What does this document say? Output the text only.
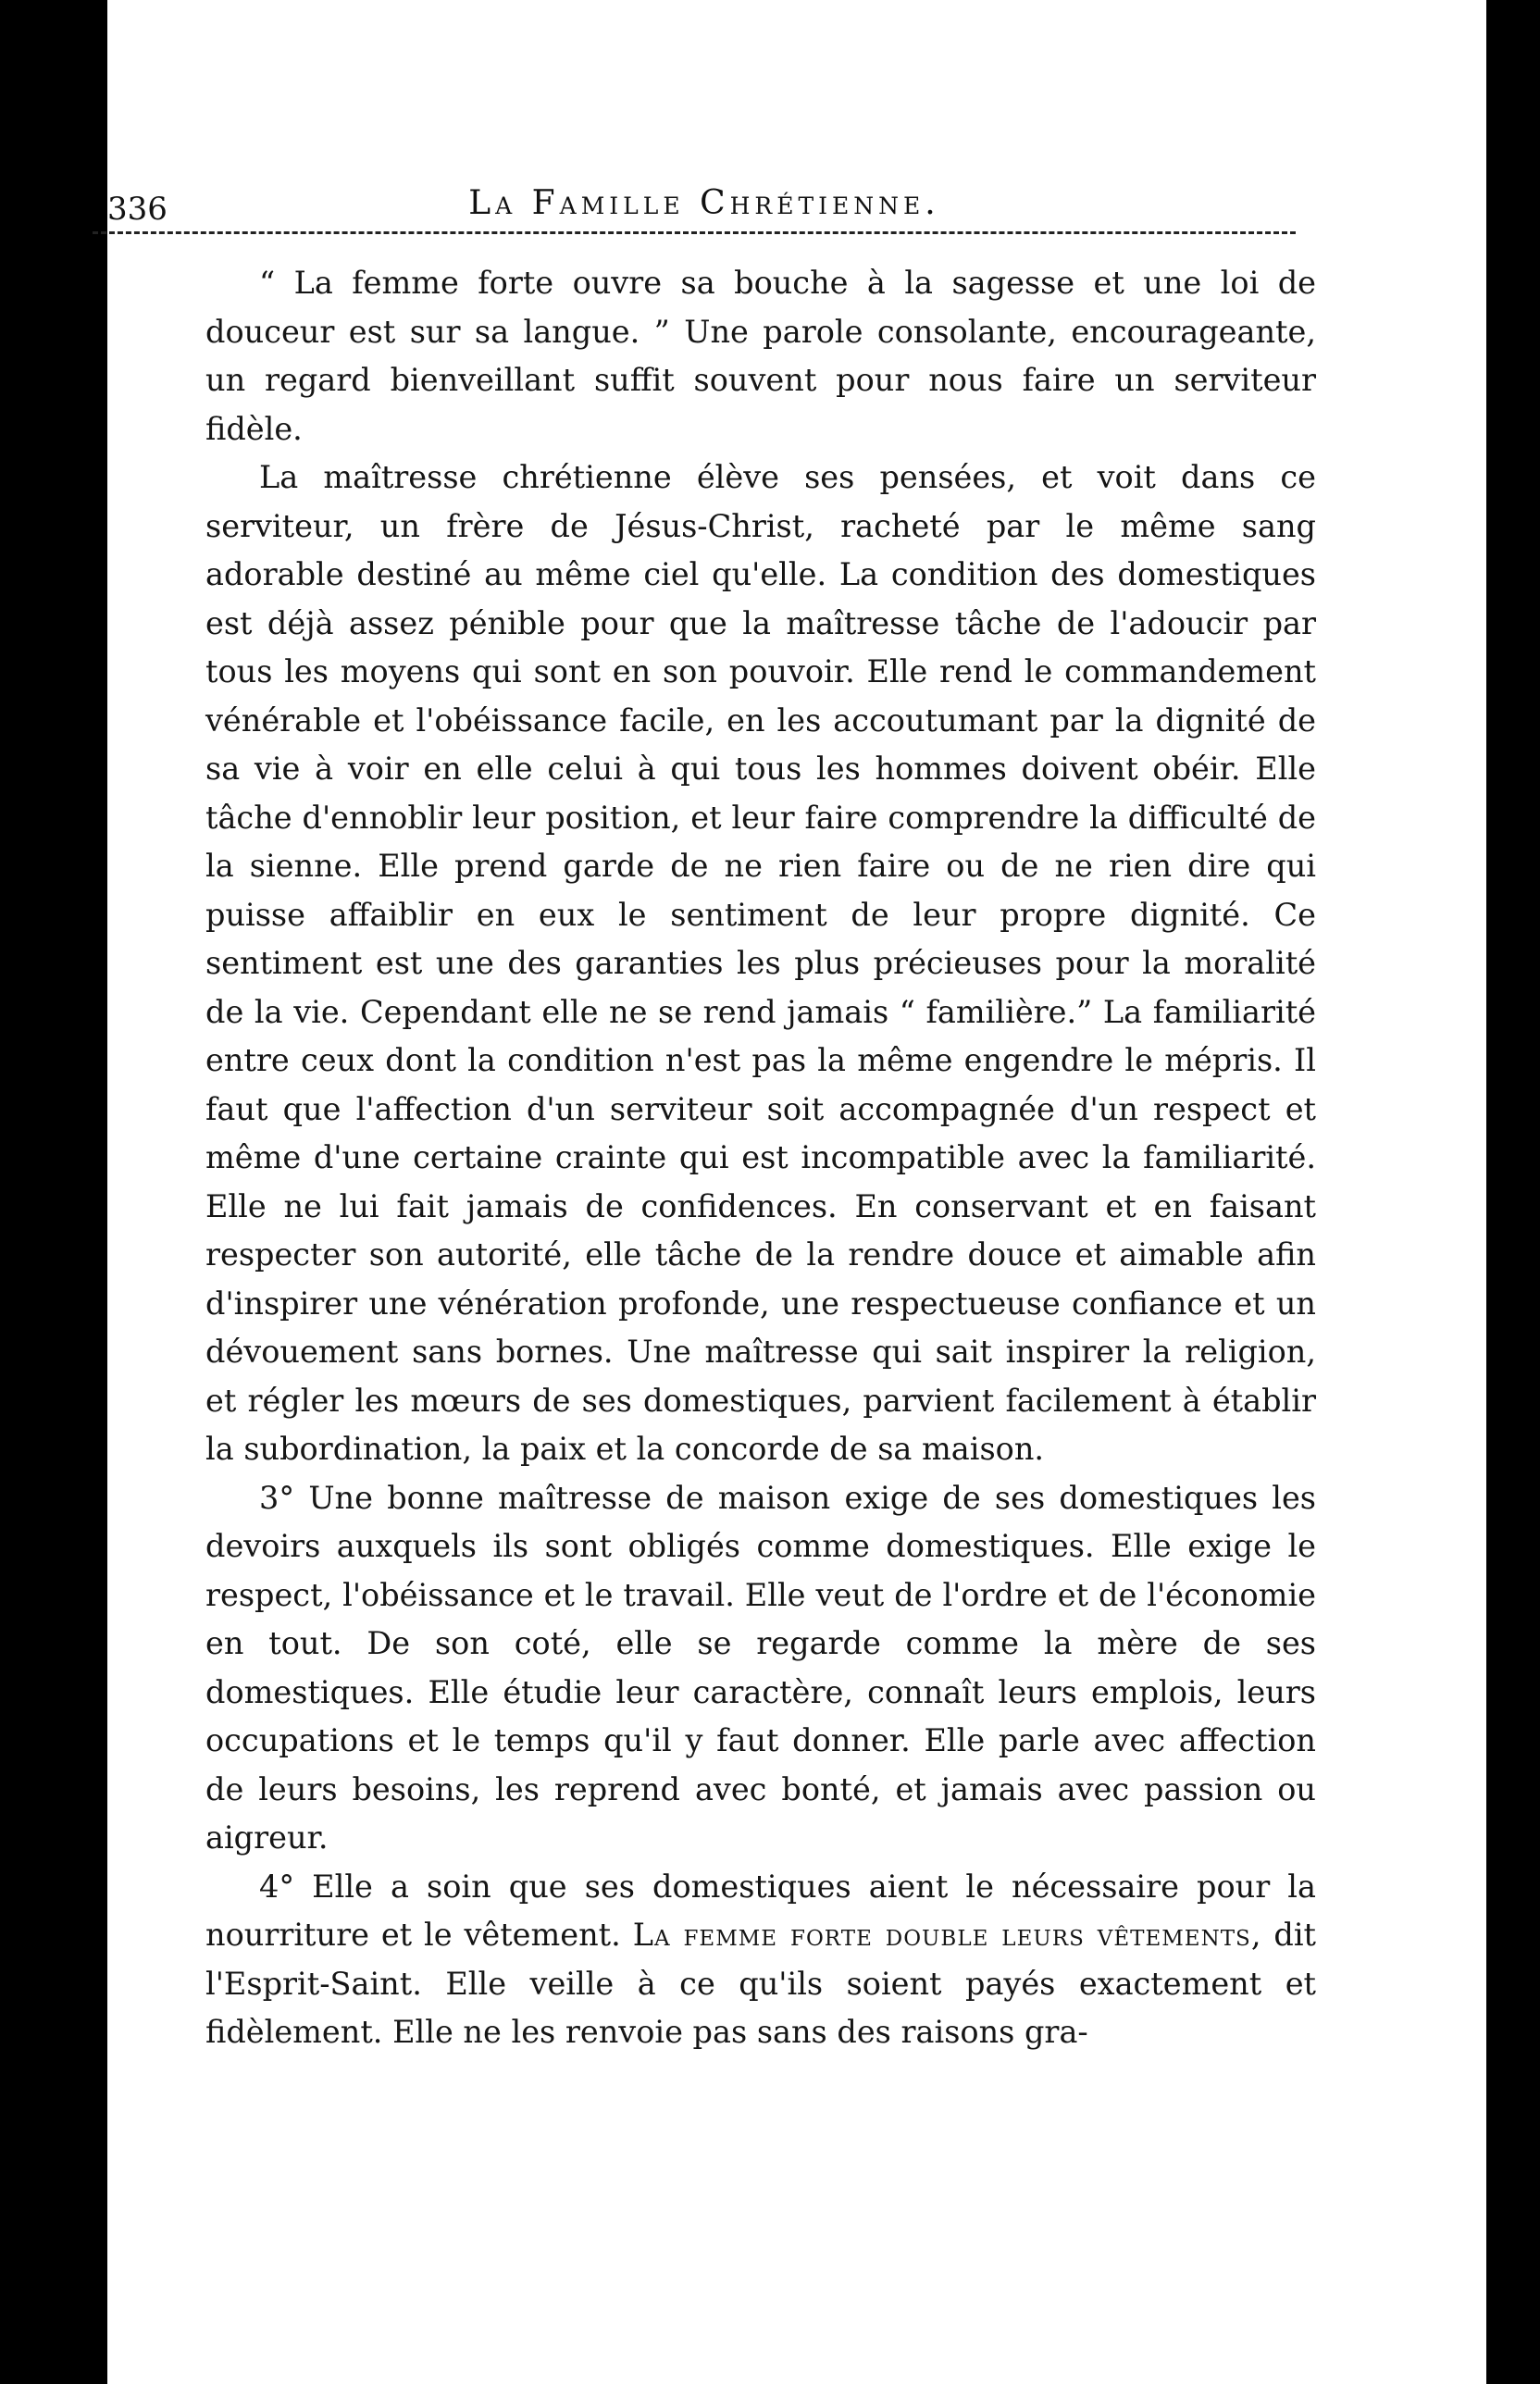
336	La Famille Chrétienne.

“ La femme forte ouvre sa bouche à la sagesse et une loi de douceur est sur sa langue. ” Une parole consolante, encourageante, un regard bienveillant suffit souvent pour nous faire un serviteur fidèle.

La maîtresse chrétienne élève ses pensées, et voit dans ce serviteur, un frère de Jésus-Christ, racheté par le même sang adorable destiné au même ciel qu'elle. La condition des domestiques est déjà assez pénible pour que la maîtresse tâche de l'adoucir par tous les moyens qui sont en son pouvoir. Elle rend le commandement vénérable et l'obéissance facile, en les accoutumant par la dignité de sa vie à voir en elle celui à qui tous les hommes doivent obéir. Elle tâche d'ennoblir leur position, et leur faire comprendre la difficulté de la sienne. Elle prend garde de ne rien faire ou de ne rien dire qui puisse affaiblir en eux le sentiment de leur propre dignité. Ce sentiment est une des garanties les plus précieuses pour la moralité de la vie. Cependant elle ne se rend jamais “ familière.” La familiarité entre ceux dont la condition n'est pas la même engendre le mépris. Il faut que l'affection d'un serviteur soit accompagnée d'un respect et même d'une certaine crainte qui est incompatible avec la familiarité. Elle ne lui fait jamais de confidences. En conservant et en faisant respecter son autorité, elle tâche de la rendre douce et aimable afin d'inspirer une vénération profonde, une respectueuse confiance et un dévouement sans bornes. Une maîtresse qui sait inspirer la religion, et régler les mœurs de ses domestiques, parvient facilement à établir la subordination, la paix et la concorde de sa maison.

3° Une bonne maîtresse de maison exige de ses domestiques les devoirs auxquels ils sont obligés comme domestiques. Elle exige le respect, l'obéissance et le travail. Elle veut de l'ordre et de l'économie en tout. De son coté, elle se regarde comme la mère de ses domestiques. Elle étudie leur caractère, connaît leurs emplois, leurs occupations et le temps qu'il y faut donner. Elle parle avec affection de leurs besoins, les reprend avec bonté, et jamais avec passion ou aigreur.

4° Elle a soin que ses domestiques aient le nécessaire pour la nourriture et le vêtement. La femme forte double leurs vêtements, dit l'Esprit-Saint. Elle veille à ce qu'ils soient payés exactement et fidèlement. Elle ne les renvoie pas sans des raisons gra-
